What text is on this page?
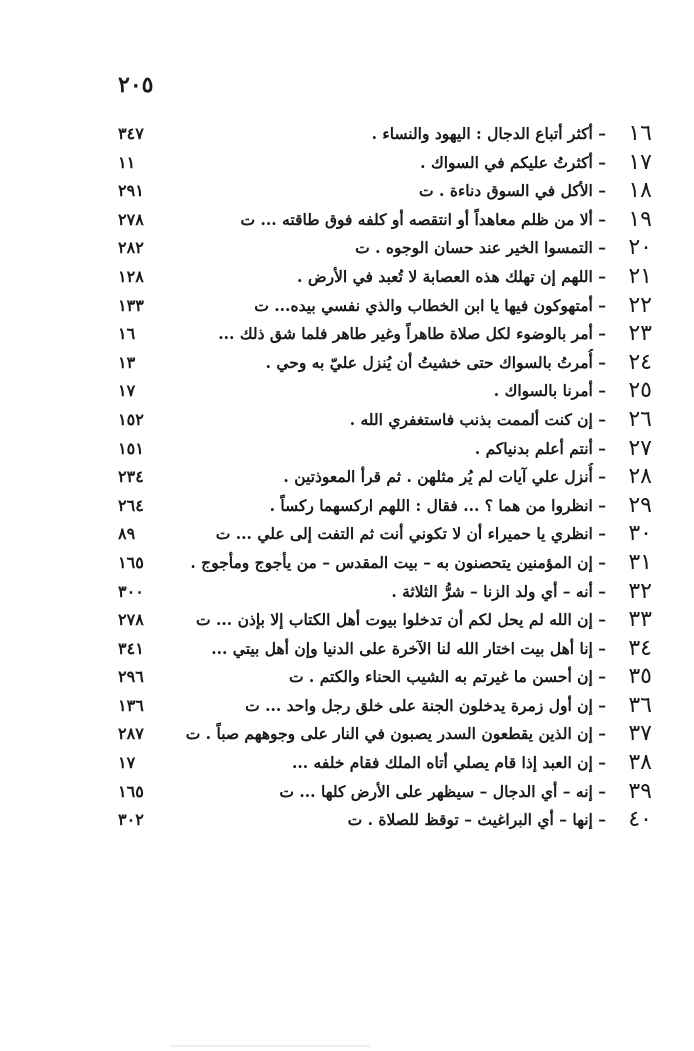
٢٠٥
١٦
– أكثر أتباع الدجال : اليهود والنساء .
٣٤٧
١٧
– أكثرتُ عليكم في السواك .
١١
١٨
– الأكل في السوق دناءة . ت
٢٩١
١٩
– ألا من ظلم معاهداً أو انتقصه أو كلفه فوق طاقته ... ت
٢٧٨
٢٠
– التمسوا الخير عند حسان الوجوه . ت
٢٨٢
٢١
– اللهم إن تهلك هذه العصابة لا تُعبد في الأرض .
١٢٨
٢٢
– أمتهوكون فيها يا ابن الخطاب والذي نفسي بيده... ت
١٣٣
٢٣
– أمر بالوضوء لكل صلاة طاهراً وغير طاهر فلما شق ذلك ...
١٦
٢٤
– أُمرتُ بالسواك حتى خشيتُ أن يُنزل عليّ به وحي .
١٣
٢٥
– أمرنا بالسواك .
١٧
٢٦
– إن كنت ألممت بذنب فاستغفري الله .
١٥٢
٢٧
– أنتم أعلم بدنياكم .
١٥١
٢٨
– أُنزل علي آيات لم يُر مثلهن . ثم قرأ المعوذتين .
٢٣٤
٢٩
– انظروا من هما ؟ ... فقال : اللهم اركسهما ركساً .
٢٦٤
٣٠
– انظري يا حميراء أن لا تكوني أنت ثم التفت إلى علي ... ت
٨٩
٣١
– إن المؤمنين يتحصنون به – بيت المقدس – من يأجوج ومأجوج .
١٦٥
٣٢
– أنه – أي ولد الزنا – شرُّ الثلاثة .
٣٠٠
٣٣
– إن الله لم يحل لكم أن تدخلوا بيوت أهل الكتاب إلا بإذن ... ت
٢٧٨
٣٤
– إنا أهل بيت اختار الله لنا الآخرة على الدنيا وإن أهل بيتي ...
٣٤١
٣٥
– إن أحسن ما غيرتم به الشيب الحناء والكتم . ت
٢٩٦
٣٦
– إن أول زمرة يدخلون الجنة على خلق رجل واحد ... ت
١٣٦
٣٧
– إن الذين يقطعون السدر يصبون في النار على وجوههم صباً . ت
٢٨٧
٣٨
– إن العبد إذا قام يصلي أتاه الملك فقام خلفه ...
١٧
٣٩
– إنه – أي الدجال – سيظهر على الأرض كلها ... ت
١٦٥
٤٠
– إنها – أي البراغيث – توقظ للصلاة . ت
٣٠٢
